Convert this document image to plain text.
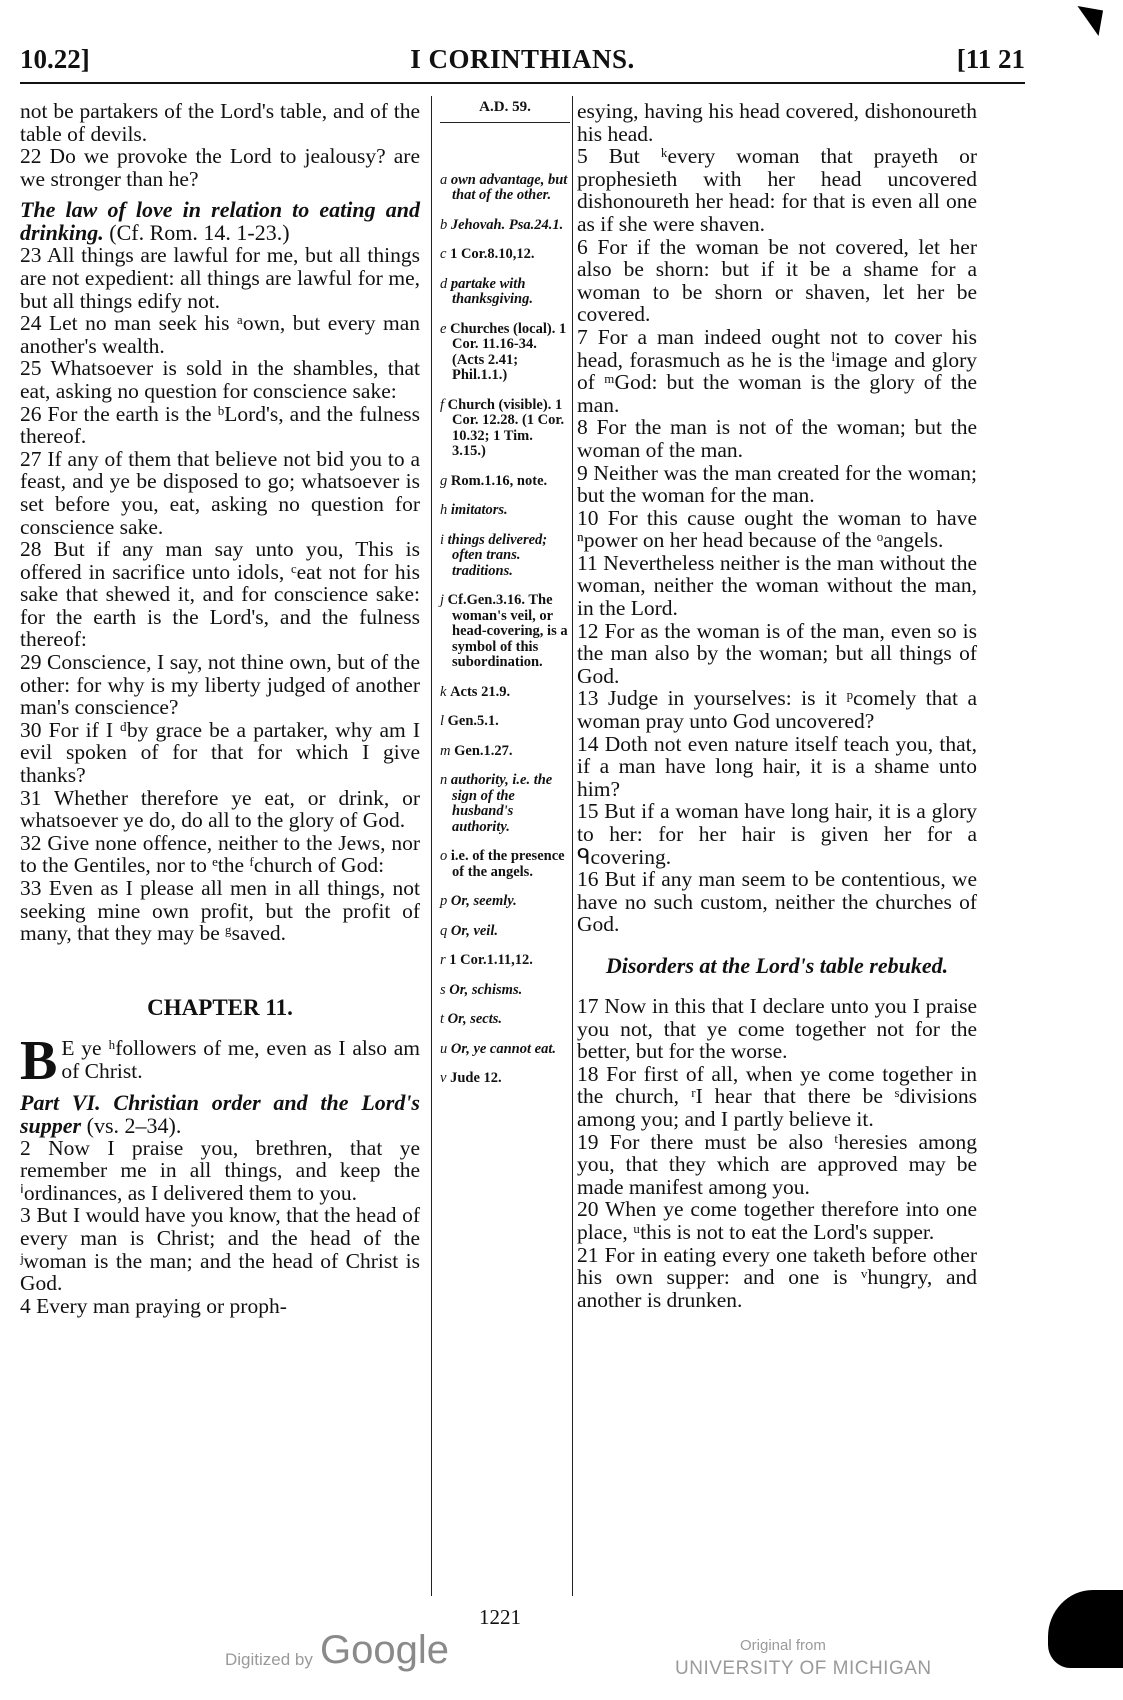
10.22]	I CORINTHIANS.	[11 21

not be partakers of the Lord's table, and of the table of devils.

22 Do we provoke the Lord to jealousy? are we stronger than he?

The law of love in relation to eating and drinking. (Cf. Rom. 14. 1-23.)

23 All things are lawful for me, but all things are not expedient: all things are lawful for me, but all things edify not.

24 Let no man seek his ᵃown, but every man another's wealth.

25 Whatsoever is sold in the shambles, that eat, asking no question for conscience sake:

26 For the earth is the ᵇLord's, and the fulness thereof.

27 If any of them that believe not bid you to a feast, and ye be disposed to go; whatsoever is set before you, eat, asking no question for conscience sake.

28 But if any man say unto you, This is offered in sacrifice unto idols, ᶜeat not for his sake that shewed it, and for conscience sake: for the earth is the Lord's, and the fulness thereof:

29 Conscience, I say, not thine own, but of the other: for why is my liberty judged of another man's conscience?

30 For if I ᵈby grace be a partaker, why am I evil spoken of for that for which I give thanks?

31 Whether therefore ye eat, or drink, or whatsoever ye do, do all to the glory of God.

32 Give none offence, neither to the Jews, nor to the Gentiles, nor to ᵉthe ᶠchurch of God:

33 Even as I please all men in all things, not seeking mine own profit, but the profit of many, that they may be ᵍsaved.

CHAPTER 11.

B E ye ʰfollowers of me, even as I also am of Christ.

Part VI. Christian order and the Lord's supper (vs. 2–34).

2 Now I praise you, brethren, that ye remember me in all things, and keep the ⁱordinances, as I delivered them to you.

3 But I would have you know, that the head of every man is Christ; and the head of the ʲwoman is the man; and the head of Christ is God.

4 Every man praying or proph-

A.D. 59.
a own advantage, but that of the other.
b Jehovah. Psa.24.1.
c 1 Cor.8.10,12.
d partake with thanksgiving.
e Churches (local). 1 Cor. 11.16-34. (Acts 2.41; Phil.1.1.)
f Church (visible). 1 Cor. 12.28. (1 Cor. 10.32; 1 Tim. 3.15.)
g Rom.1.16, note.
h imitators.
i things delivered; often trans. traditions.
j Cf.Gen.3.16. The woman's veil, or head-covering, is a symbol of this subordination.
k Acts 21.9.
l Gen.5.1.
m Gen.1.27.
n authority, i.e. the sign of the husband's authority.
o i.e. of the presence of the angels.
p Or, seemly.
q Or, veil.
r 1 Cor.1.11,12.
s Or, schisms.
t Or, sects.
u Or, ye cannot eat.
v Jude 12.

esying, having his head covered, dishonoureth his head.

5 But ᵏevery woman that prayeth or prophesieth with her head uncovered dishonoureth her head: for that is even all one as if she were shaven.

6 For if the woman be not covered, let her also be shorn: but if it be a shame for a woman to be shorn or shaven, let her be covered.

7 For a man indeed ought not to cover his head, forasmuch as he is the ˡimage and glory of ᵐGod: but the woman is the glory of the man.

8 For the man is not of the woman; but the woman of the man.

9 Neither was the man created for the woman; but the woman for the man.

10 For this cause ought the woman to have ⁿpower on her head because of the ᵒangels.

11 Nevertheless neither is the man without the woman, neither the woman without the man, in the Lord.

12 For as the woman is of the man, even so is the man also by the woman; but all things of God.

13 Judge in yourselves: is it ᵖcomely that a woman pray unto God uncovered?

14 Doth not even nature itself teach you, that, if a man have long hair, it is a shame unto him?

15 But if a woman have long hair, it is a glory to her: for her hair is given her for a ᑫcovering.

16 But if any man seem to be contentious, we have no such custom, neither the churches of God.

Disorders at the Lord's table rebuked.

17 Now in this that I declare unto you I praise you not, that ye come together not for the better, but for the worse.

18 For first of all, when ye come together in the church, ʳI hear that there be ˢdivisions among you; and I partly believe it.

19 For there must be also ᵗheresies among you, that they which are approved may be made manifest among you.

20 When ye come together therefore into one place, ᵘthis is not to eat the Lord's supper.

21 For in eating every one taketh before other his own supper: and one is ᵛhungry, and another is drunken.

1221
Digitized by Google	Original from
UNIVERSITY OF MICHIGAN
